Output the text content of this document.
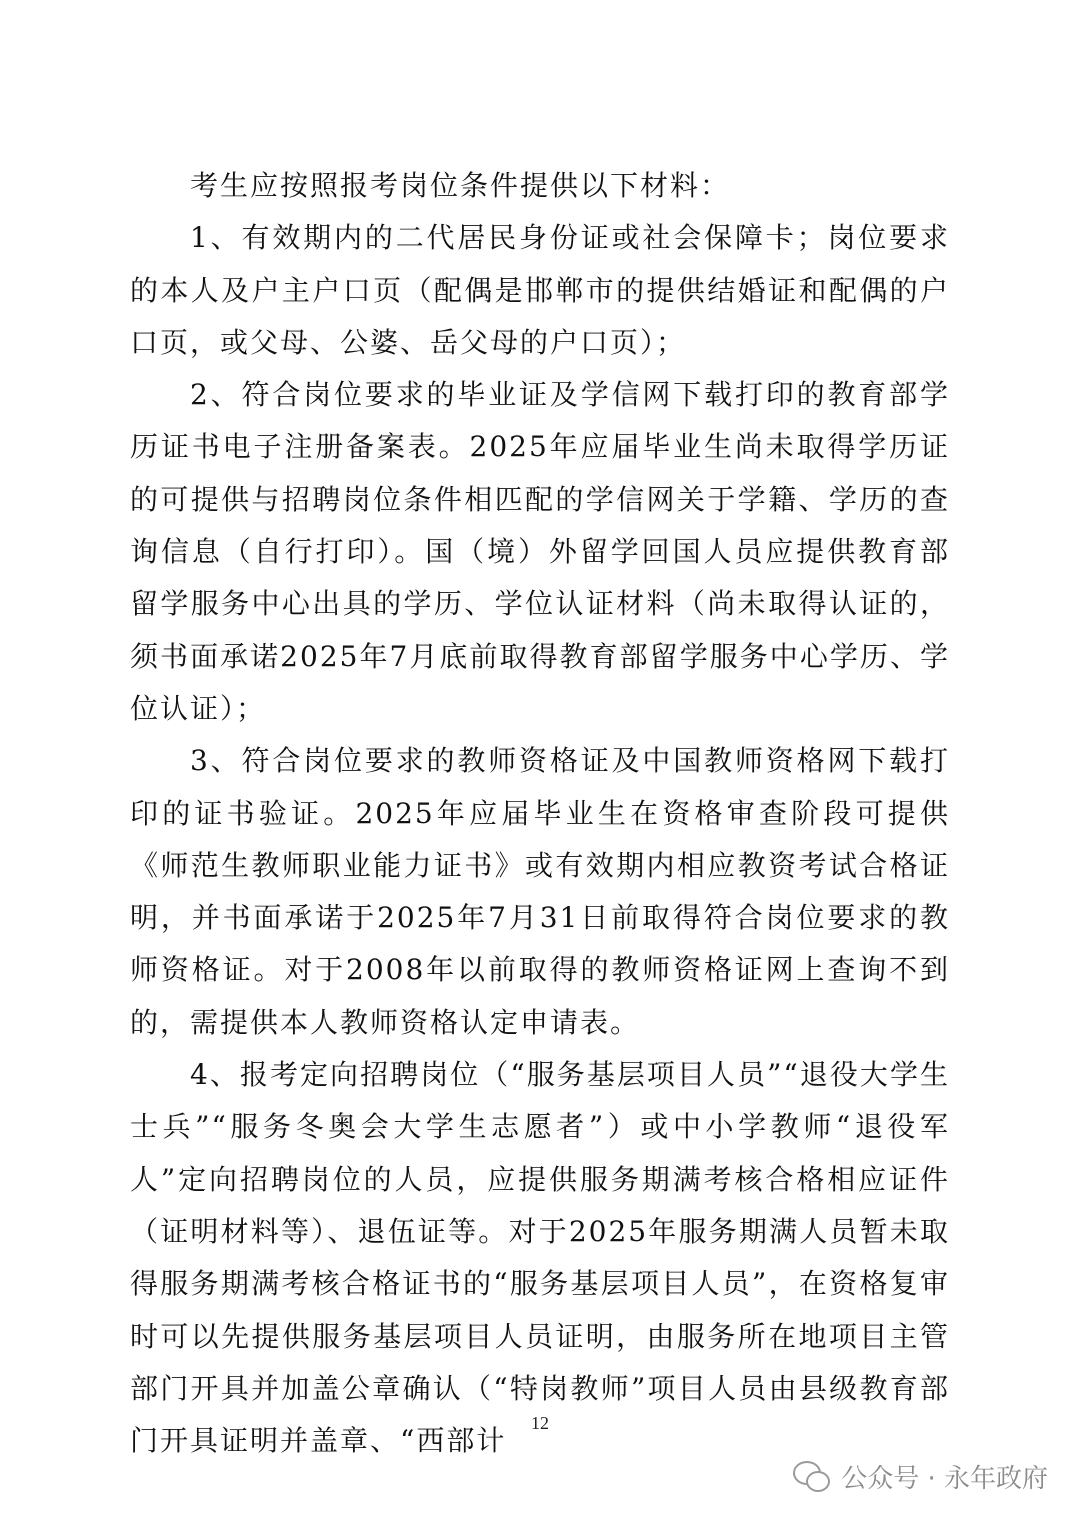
考生应按照报考岗位条件提供以下材料：

1、有效期内的二代居民身份证或社会保障卡；岗位要求的本人及户主户口页（配偶是邯郸市的提供结婚证和配偶的户口页，或父母、公婆、岳父母的户口页）；

2、符合岗位要求的毕业证及学信网下载打印的教育部学历证书电子注册备案表。2025年应届毕业生尚未取得学历证的可提供与招聘岗位条件相匹配的学信网关于学籍、学历的查询信息（自行打印）。国（境）外留学回国人员应提供教育部留学服务中心出具的学历、学位认证材料（尚未取得认证的，须书面承诺2025年7月底前取得教育部留学服务中心学历、学位认证）；

3、符合岗位要求的教师资格证及中国教师资格网下载打印的证书验证。2025年应届毕业生在资格审查阶段可提供《师范生教师职业能力证书》或有效期内相应教资考试合格证明，并书面承诺于2025年7月31日前取得符合岗位要求的教师资格证。对于2008年以前取得的教师资格证网上查询不到的，需提供本人教师资格认定申请表。

4、报考定向招聘岗位（“服务基层项目人员”“退役大学生士兵”“服务冬奥会大学生志愿者”）或中小学教师“退役军人”定向招聘岗位的人员，应提供服务期满考核合格相应证件（证明材料等）、退伍证等。对于2025年服务期满人员暂未取得服务期满考核合格证书的“服务基层项目人员”，在资格复审时可以先提供服务基层项目人员证明，由服务所在地项目主管部门开具并加盖公章确认（“特岗教师”项目人员由县级教育部门开具证明并盖章、“西部计

12
公众号 · 永年政府
